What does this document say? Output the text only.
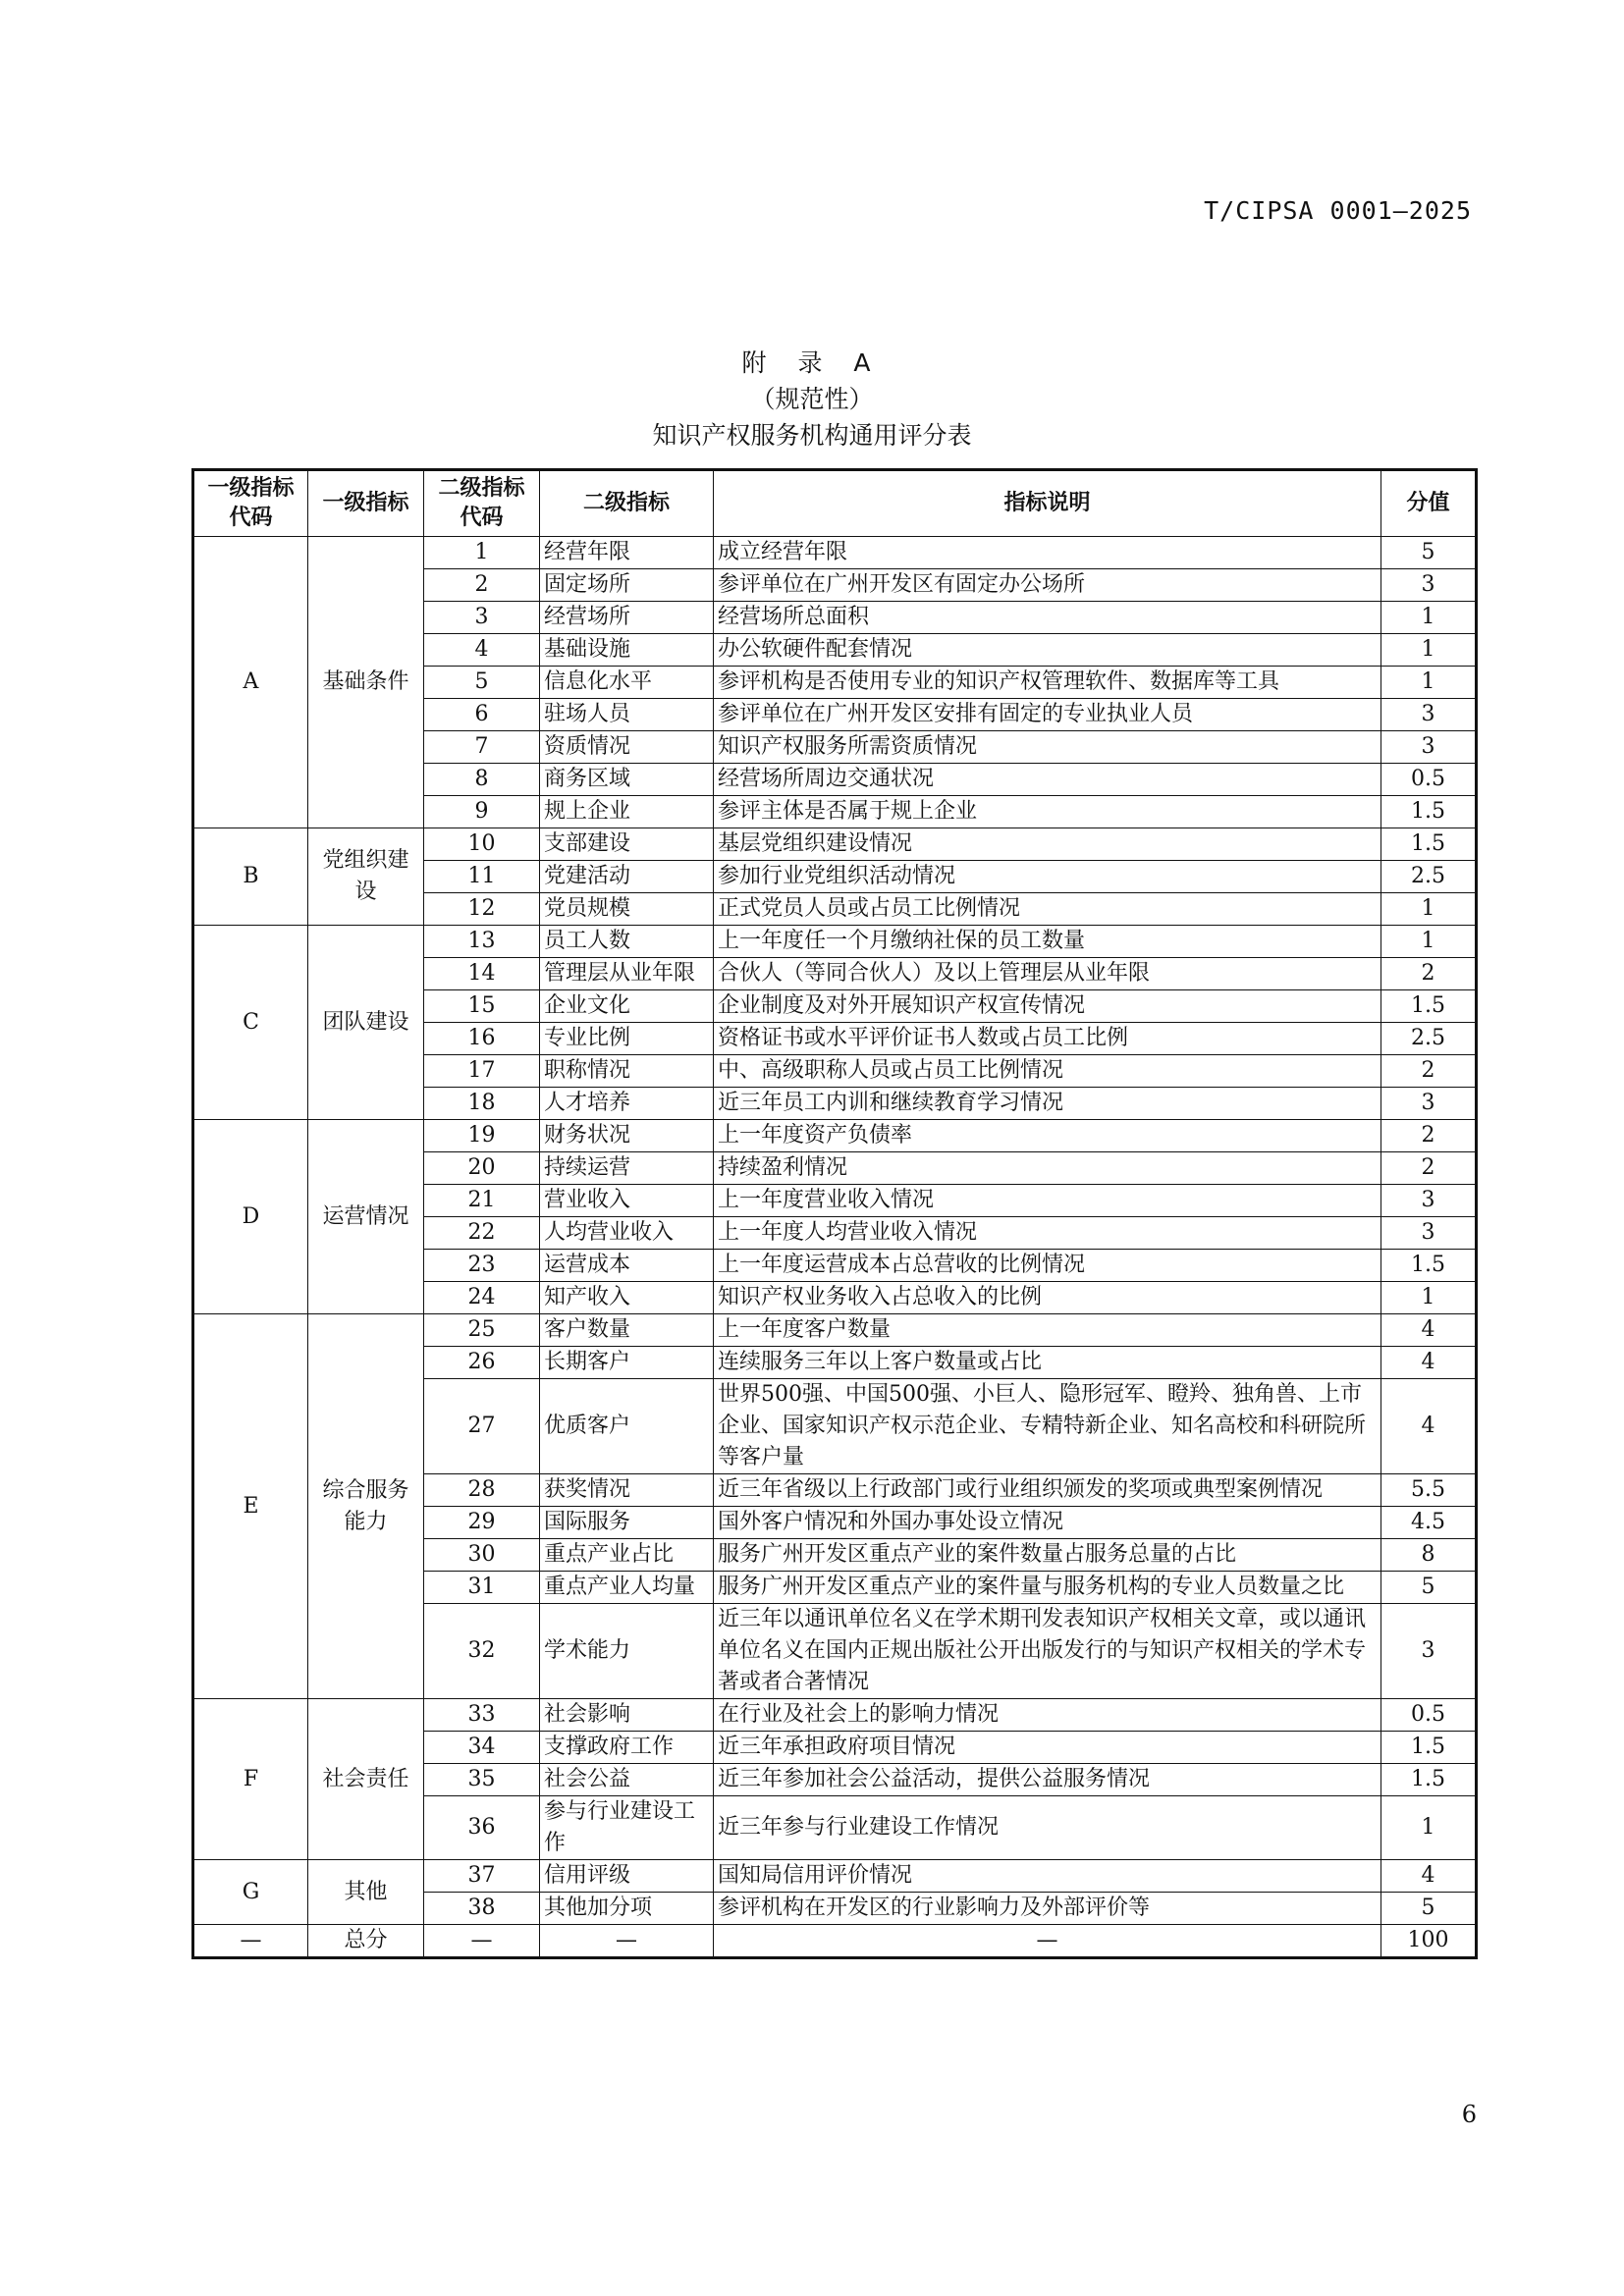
T/CIPSA 0001—2025
附 录 A
（规范性）
知识产权服务机构通用评分表
一级指标代码	一级指标	二级指标代码	二级指标	指标说明	分值
A	基础条件	1	经营年限	成立经营年限	5
		2	固定场所	参评单位在广州开发区有固定办公场所	3
		3	经营场所	经营场所总面积	1
		4	基础设施	办公软硬件配套情况	1
		5	信息化水平	参评机构是否使用专业的知识产权管理软件、数据库等工具	1
		6	驻场人员	参评单位在广州开发区安排有固定的专业执业人员	3
		7	资质情况	知识产权服务所需资质情况	3
		8	商务区域	经营场所周边交通状况	0.5
		9	规上企业	参评主体是否属于规上企业	1.5
B	党组织建设	10	支部建设	基层党组织建设情况	1.5
		11	党建活动	参加行业党组织活动情况	2.5
		12	党员规模	正式党员人员或占员工比例情况	1
C	团队建设	13	员工人数	上一年度任一个月缴纳社保的员工数量	1
		14	管理层从业年限	合伙人（等同合伙人）及以上管理层从业年限	2
		15	企业文化	企业制度及对外开展知识产权宣传情况	1.5
		16	专业比例	资格证书或水平评价证书人数或占员工比例	2.5
		17	职称情况	中、高级职称人员或占员工比例情况	2
		18	人才培养	近三年员工内训和继续教育学习情况	3
D	运营情况	19	财务状况	上一年度资产负债率	2
		20	持续运营	持续盈利情况	2
		21	营业收入	上一年度营业收入情况	3
		22	人均营业收入	上一年度人均营业收入情况	3
		23	运营成本	上一年度运营成本占总营收的比例情况	1.5
		24	知产收入	知识产权业务收入占总收入的比例	1
E	综合服务能力	25	客户数量	上一年度客户数量	4
		26	长期客户	连续服务三年以上客户数量或占比	4
		27	优质客户	世界500强、中国500强、小巨人、隐形冠军、瞪羚、独角兽、上市企业、国家知识产权示范企业、专精特新企业、知名高校和科研院所等客户量	4
		28	获奖情况	近三年省级以上行政部门或行业组织颁发的奖项或典型案例情况	5.5
		29	国际服务	国外客户情况和外国办事处设立情况	4.5
		30	重点产业占比	服务广州开发区重点产业的案件数量占服务总量的占比	8
		31	重点产业人均量	服务广州开发区重点产业的案件量与服务机构的专业人员数量之比	5
		32	学术能力	近三年以通讯单位名义在学术期刊发表知识产权相关文章，或以通讯单位名义在国内正规出版社公开出版发行的与知识产权相关的学术专著或者合著情况	3
F	社会责任	33	社会影响	在行业及社会上的影响力情况	0.5
		34	支撑政府工作	近三年承担政府项目情况	1.5
		35	社会公益	近三年参加社会公益活动，提供公益服务情况	1.5
		36	参与行业建设工作	近三年参与行业建设工作情况	1
G	其他	37	信用评级	国知局信用评价情况	4
		38	其他加分项	参评机构在开发区的行业影响力及外部评价等	5
—	总分	—	—	—	100
6
